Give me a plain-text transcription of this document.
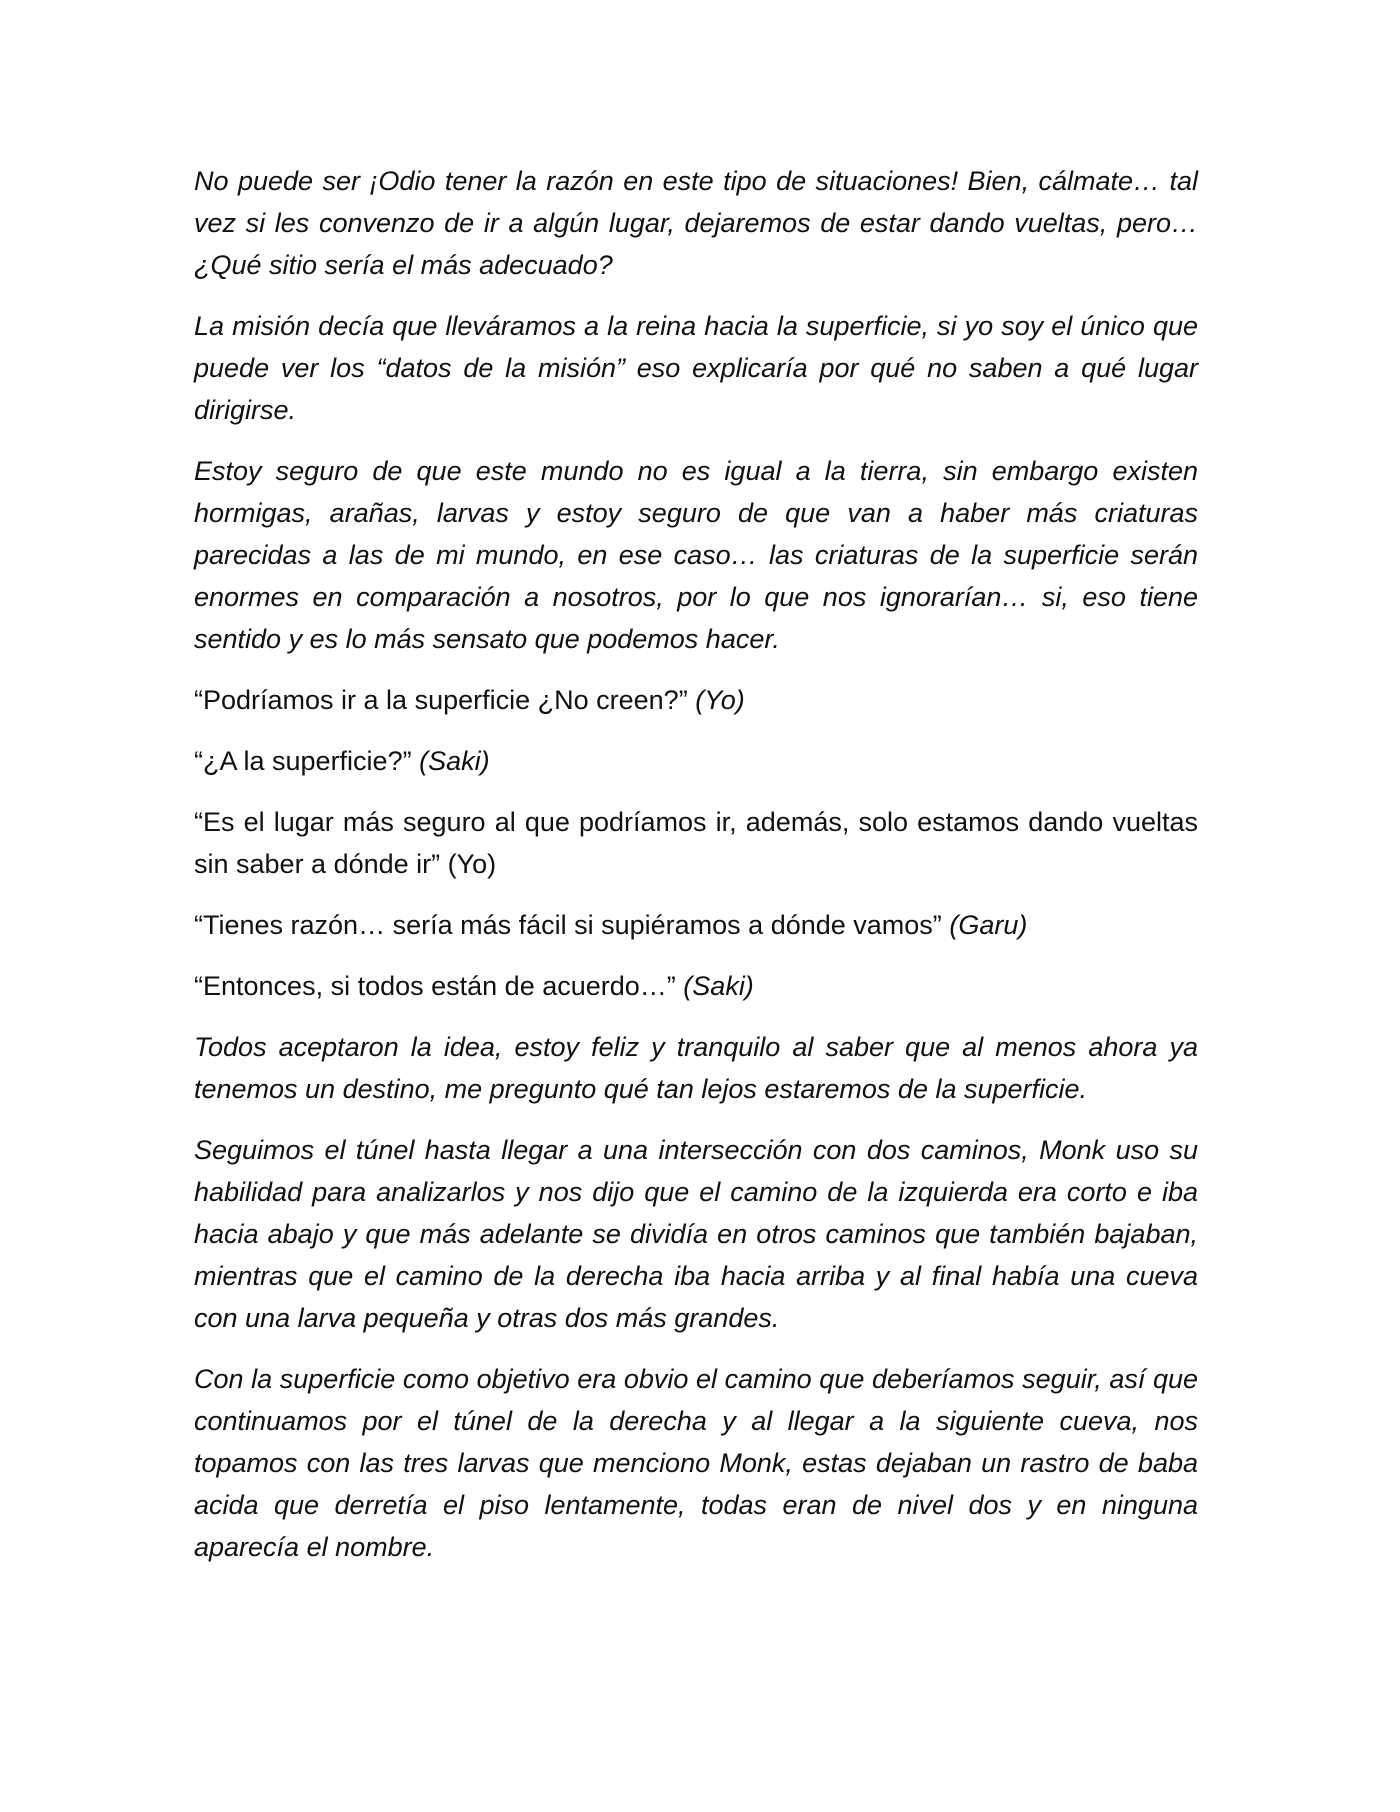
No puede ser ¡Odio tener la razón en este tipo de situaciones! Bien, cálmate… tal vez si les convenzo de ir a algún lugar, dejaremos de estar dando vueltas, pero… ¿Qué sitio sería el más adecuado?

La misión decía que lleváramos a la reina hacia la superficie, si yo soy el único que puede ver los “datos de la misión” eso explicaría por qué no saben a qué lugar dirigirse.

Estoy seguro de que este mundo no es igual a la tierra, sin embargo existen hormigas, arañas, larvas y estoy seguro de que van a haber más criaturas parecidas a las de mi mundo, en ese caso… las criaturas de la superficie serán enormes en comparación a nosotros, por lo que nos ignorarían… si, eso tiene sentido y es lo más sensato que podemos hacer.

“Podríamos ir a la superficie ¿No creen?” (Yo)

“¿A la superficie?” (Saki)

“Es el lugar más seguro al que podríamos ir, además, solo estamos dando vueltas sin saber a dónde ir” (Yo)

“Tienes razón… sería más fácil si supiéramos a dónde vamos” (Garu)

“Entonces, si todos están de acuerdo…” (Saki)

Todos aceptaron la idea, estoy feliz y tranquilo al saber que al menos ahora ya tenemos un destino, me pregunto qué tan lejos estaremos de la superficie.

Seguimos el túnel hasta llegar a una intersección con dos caminos, Monk uso su habilidad para analizarlos y nos dijo que el camino de la izquierda era corto e iba hacia abajo y que más adelante se dividía en otros caminos que también bajaban, mientras que el camino de la derecha iba hacia arriba y al final había una cueva con una larva pequeña y otras dos más grandes.

Con la superficie como objetivo era obvio el camino que deberíamos seguir, así que continuamos por el túnel de la derecha y al llegar a la siguiente cueva, nos topamos con las tres larvas que menciono Monk, estas dejaban un rastro de baba acida que derretía el piso lentamente, todas eran de nivel dos y en ninguna aparecía el nombre.
